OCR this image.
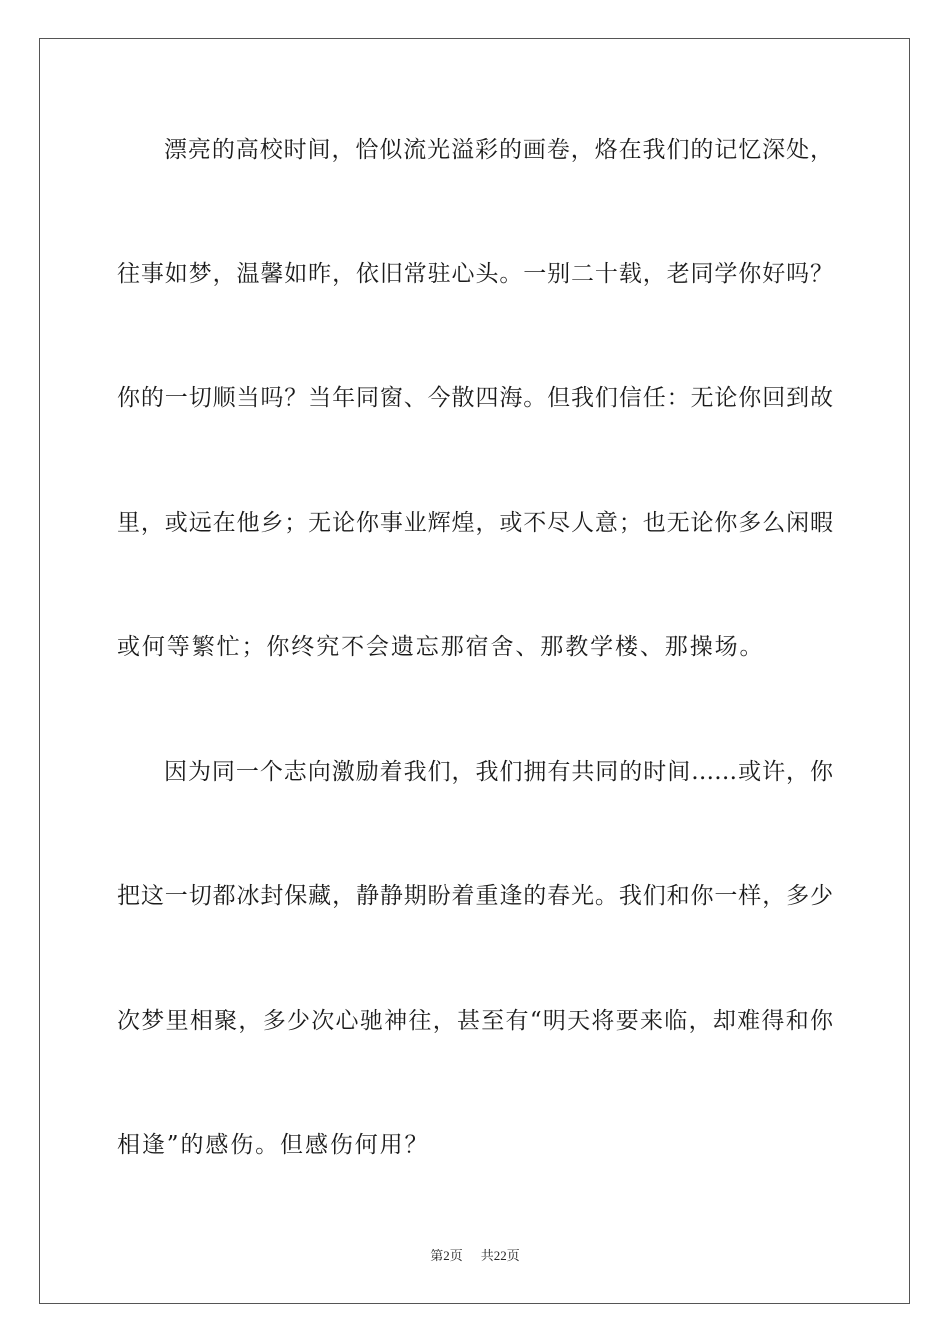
漂亮的高校时间，恰似流光溢彩的画卷，烙在我们的记忆深处，
往事如梦，温馨如昨，依旧常驻心头。一别二十载，老同学你好吗？
你的一切顺当吗？当年同窗、今散四海。但我们信任：无论你回到故
里，或远在他乡；无论你事业辉煌，或不尽人意；也无论你多么闲暇
或何等繁忙；你终究不会遗忘那宿舍、那教学楼、那操场。
因为同一个志向激励着我们，我们拥有共同的时间……或许，你
把这一切都冰封保藏，静静期盼着重逢的春光。我们和你一样，多少
次梦里相聚，多少次心驰神往，甚至有“明天将要来临，却难得和你
相逢”的感伤。但感伤何用？
第2页 共22页
